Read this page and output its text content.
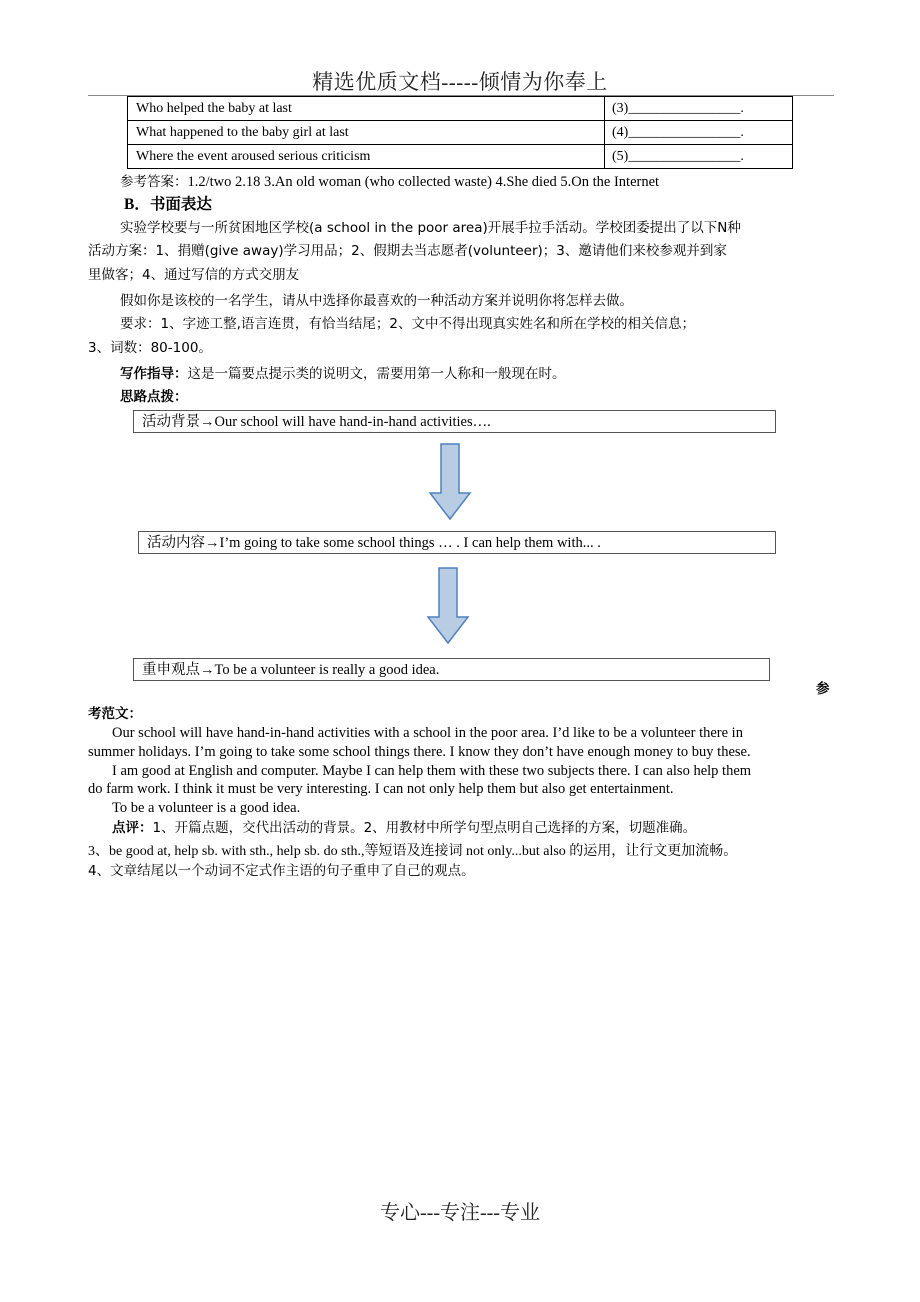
精选优质文档-----倾情为你奉上
Who helped the baby at last	(3)________________.
What happened to the baby girl at last	(4)________________.
Where the event aroused serious criticism	(5)________________.
参考答案：1.2/two 2.18 3.An old woman (who collected waste) 4.She died 5.On the Internet
B．书面表达
实验学校要与一所贫困地区学校(a school in the poor area)开展手拉手活动。学校团委提出了以下N种
活动方案：1、捐赠(give away)学习用品；2、假期去当志愿者(volunteer)；3、邀请他们来校参观并到家
里做客；4、通过写信的方式交朋友
假如你是该校的一名学生，请从中选择你最喜欢的一种活动方案并说明你将怎样去做。
要求：1、字迹工整,语言连贯，有恰当结尾；2、文中不得出现真实姓名和所在学校的相关信息；
3、词数：80-100。
写作指导：这是一篇要点提示类的说明文，需要用第一人称和一般现在时。
思路点拨：
活动背景→Our school will have hand-in-hand activities….
活动内容→I’m going to take some school things … . I can help them with... .
重申观点→To be a volunteer is really a good idea.
参
考范文：
Our school will have hand-in-hand activities with a school in the poor area. I’d like to be a volunteer there in
summer holidays. I’m going to take some school things there. I know they don’t have enough money to buy these.
I am good at English and computer. Maybe I can help them with these two subjects there. I can also help them
do farm work. I think it must be very interesting. I can not only help them but also get entertainment.
To be a volunteer is a good idea.
点评：1、开篇点题，交代出活动的背景。2、用教材中所学句型点明自己选择的方案，切题准确。
3、be good at, help sb. with sth., help sb. do sth.,等短语及连接词 not only...but also 的运用，让行文更加流畅。
4、文章结尾以一个动词不定式作主语的句子重申了自己的观点。
专心---专注---专业
